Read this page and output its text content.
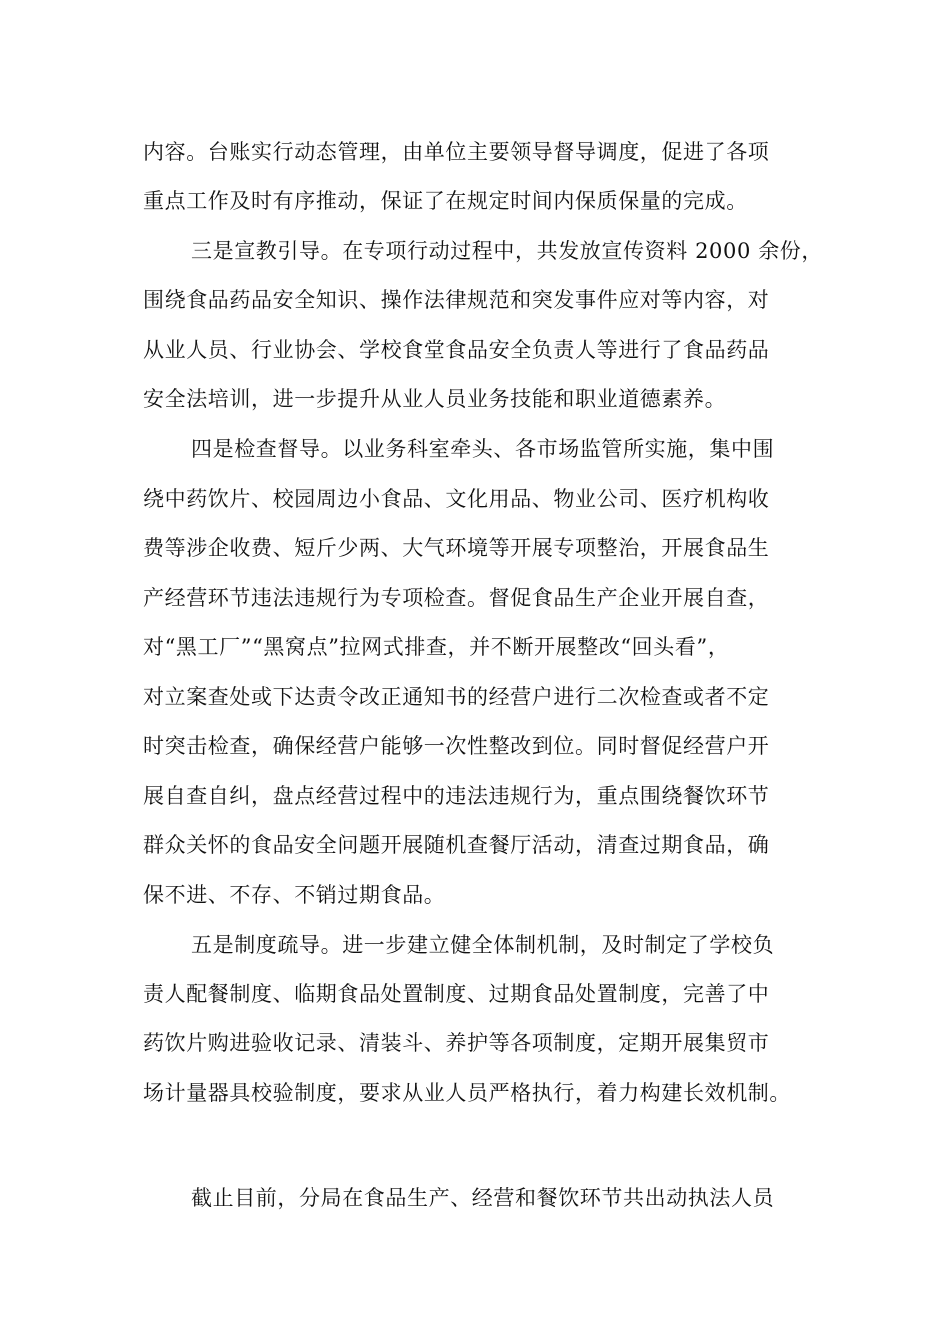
内容。台账实行动态管理，由单位主要领导督导调度，促进了各项
重点工作及时有序推动，保证了在规定时间内保质保量的完成。
三是宣教引导。在专项行动过程中，共发放宣传资料 2000 余份，
围绕食品药品安全知识、操作法律规范和突发事件应对等内容，对
从业人员、行业协会、学校食堂食品安全负责人等进行了食品药品
安全法培训，进一步提升从业人员业务技能和职业道德素养。
四是检查督导。以业务科室牵头、各市场监管所实施，集中围
绕中药饮片、校园周边小食品、文化用品、物业公司、医疗机构收
费等涉企收费、短斤少两、大气环境等开展专项整治，开展食品生
产经营环节违法违规行为专项检查。督促食品生产企业开展自查，
对“黑工厂”“黑窝点”拉网式排查，并不断开展整改“回头看”，
对立案查处或下达责令改正通知书的经营户进行二次检查或者不定
时突击检查，确保经营户能够一次性整改到位。同时督促经营户开
展自查自纠，盘点经营过程中的违法违规行为，重点围绕餐饮环节
群众关怀的食品安全问题开展随机查餐厅活动，清查过期食品，确
保不进、不存、不销过期食品。
五是制度疏导。进一步建立健全体制机制，及时制定了学校负
责人配餐制度、临期食品处置制度、过期食品处置制度，完善了中
药饮片购进验收记录、清装斗、养护等各项制度，定期开展集贸市
场计量器具校验制度，要求从业人员严格执行，着力构建长效机制。
截止目前，分局在食品生产、经营和餐饮环节共出动执法人员
